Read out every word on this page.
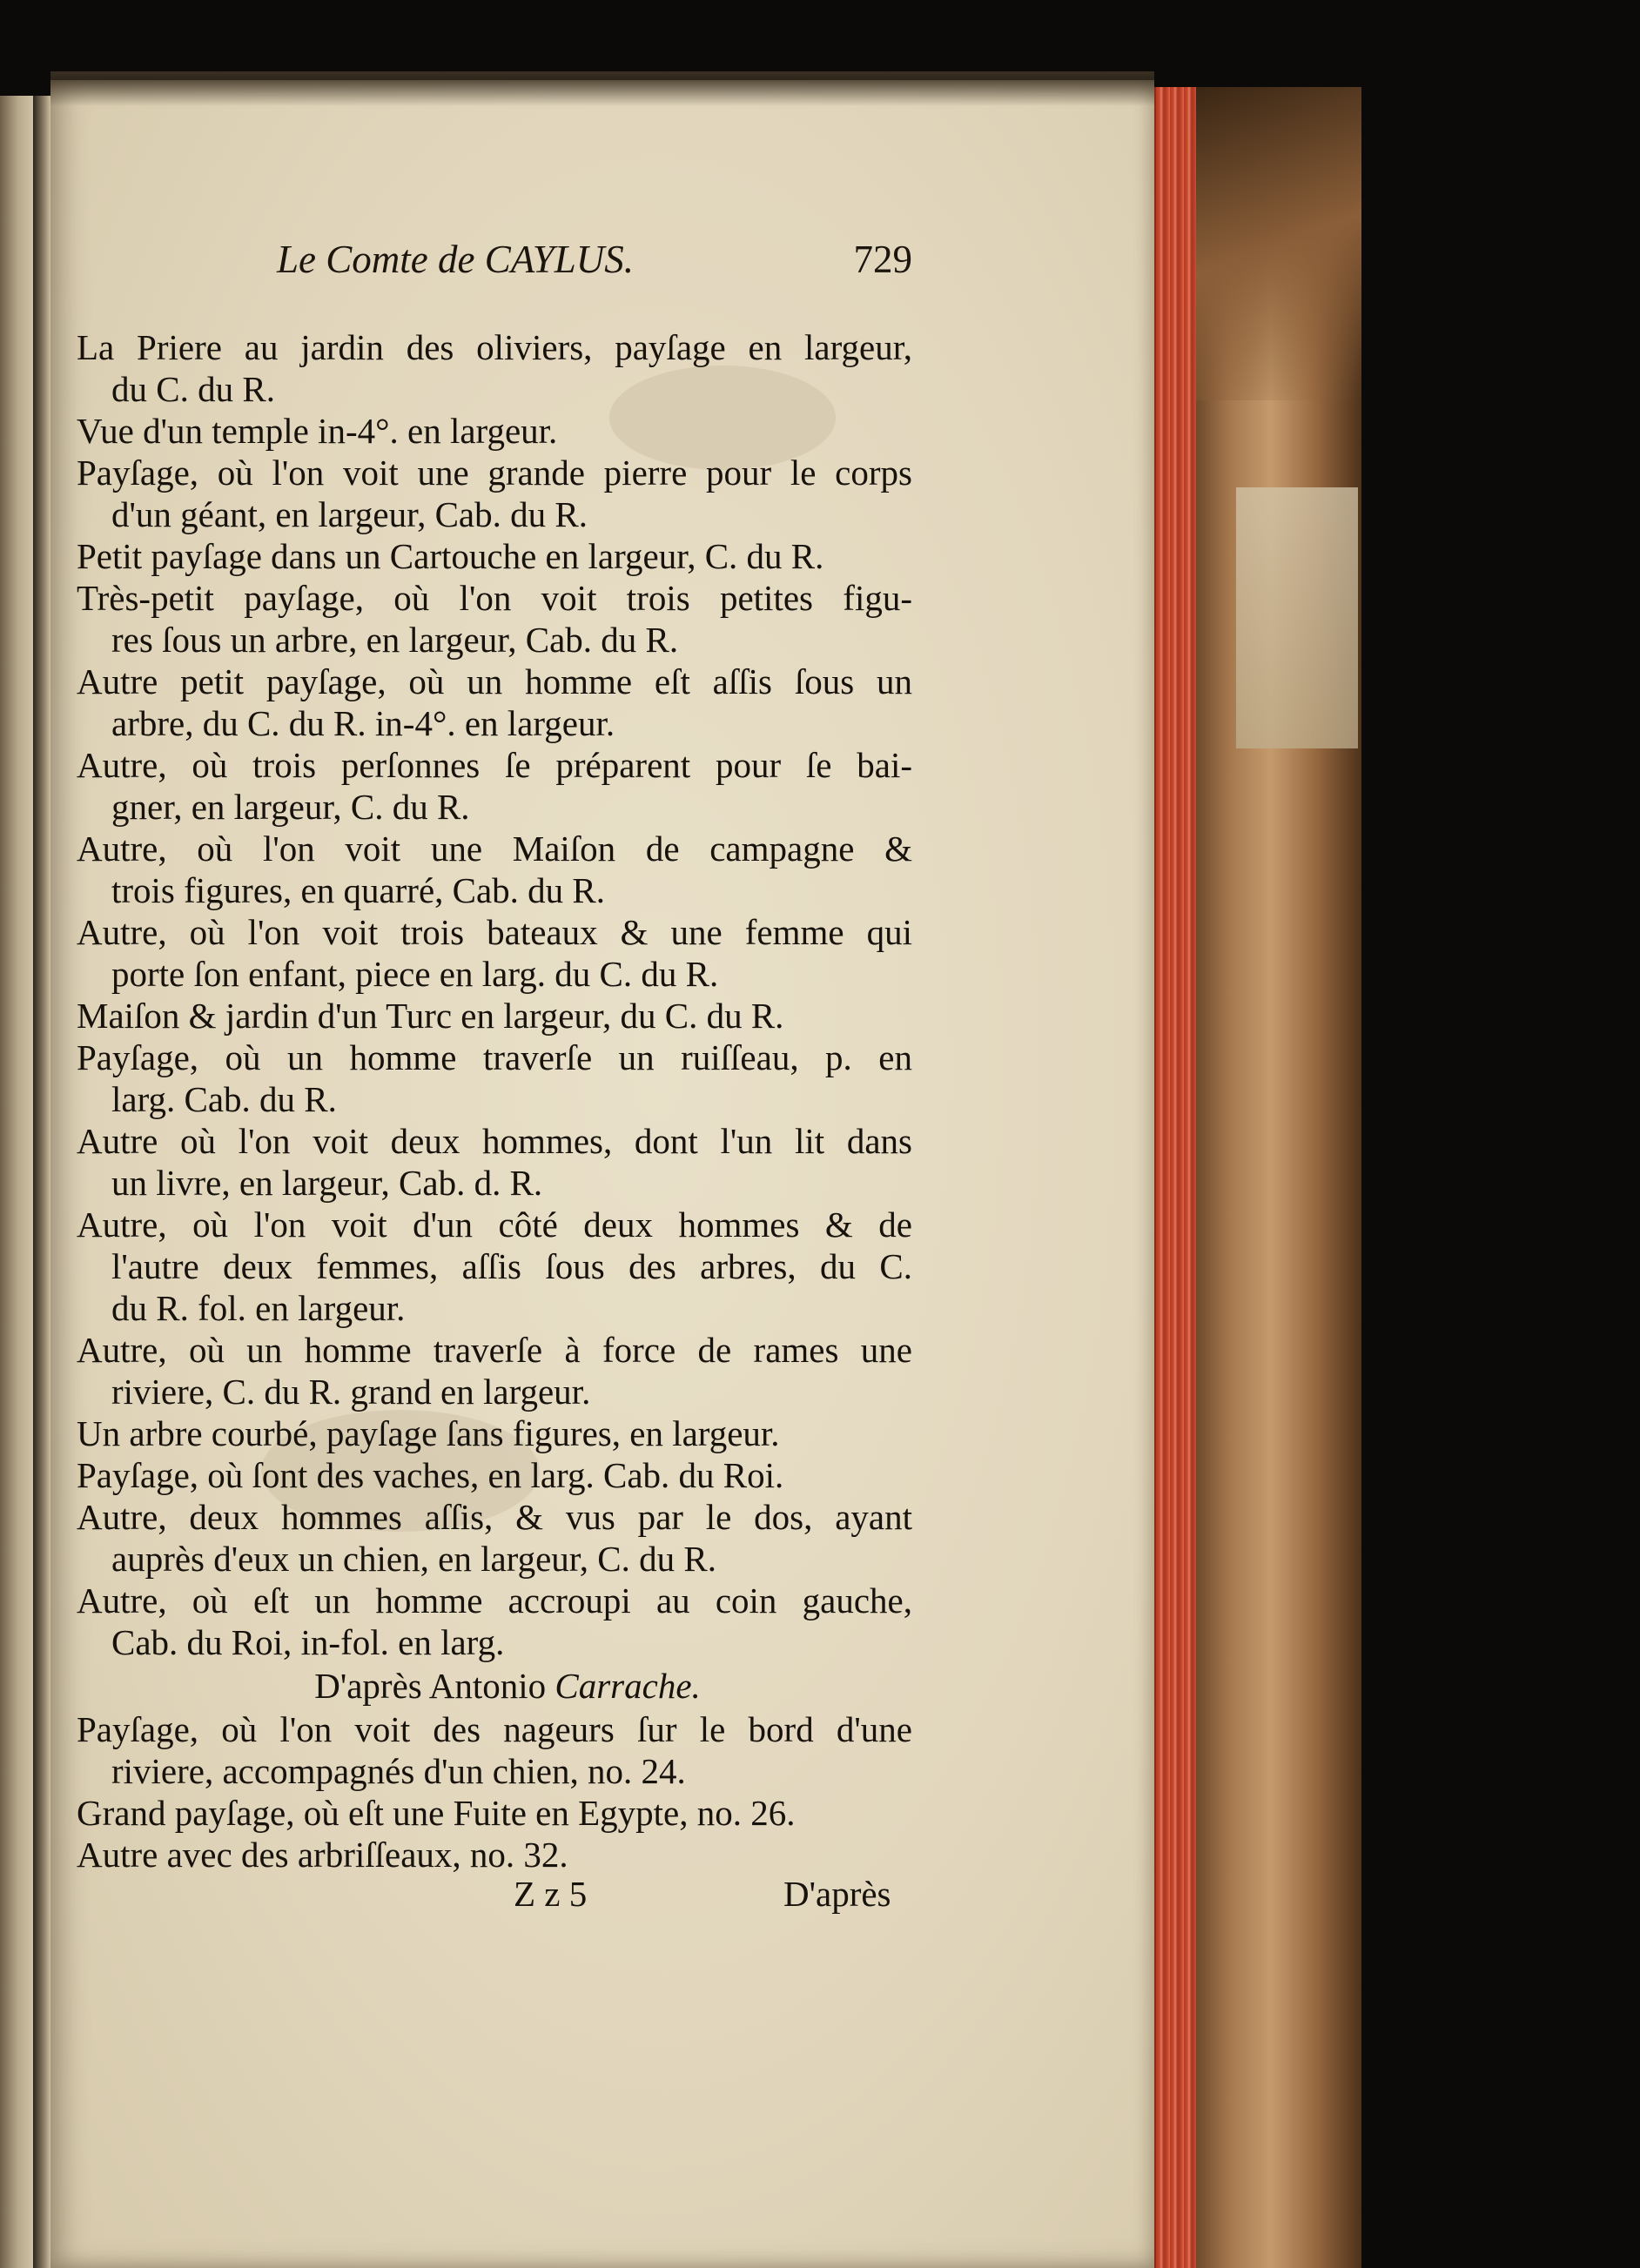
Le Comte de CAYLUS.	729
La Priere au jardin des oliviers, payſage en largeur,
du C. du R.
Vue d'un temple in-4°. en largeur.
Payſage, où l'on voit une grande pierre pour le corps
d'un géant, en largeur, Cab. du R.
Petit payſage dans un Cartouche en largeur, C. du R.
Très-petit payſage, où l'on voit trois petites figu-
res ſous un arbre, en largeur, Cab. du R.
Autre petit payſage, où un homme eſt aſſis ſous un
arbre, du C. du R. in-4°. en largeur.
Autre, où trois perſonnes ſe préparent pour ſe bai-
gner, en largeur, C. du R.
Autre, où l'on voit une Maiſon de campagne &
trois figures, en quarré, Cab. du R.
Autre, où l'on voit trois bateaux & une femme qui
porte ſon enfant, piece en larg. du C. du R.
Maiſon & jardin d'un Turc en largeur, du C. du R.
Payſage, où un homme traverſe un ruiſſeau, p. en
larg. Cab. du R.
Autre où l'on voit deux hommes, dont l'un lit dans
un livre, en largeur, Cab. d. R.
Autre, où l'on voit d'un côté deux hommes & de
l'autre deux femmes, aſſis ſous des arbres, du C.
du R. fol. en largeur.
Autre, où un homme traverſe à force de rames une
riviere, C. du R. grand en largeur.
Un arbre courbé, payſage ſans figures, en largeur.
Payſage, où ſont des vaches, en larg. Cab. du Roi.
Autre, deux hommes aſſis, & vus par le dos, ayant
auprès d'eux un chien, en largeur, C. du R.
Autre, où eſt un homme accroupi au coin gauche,
Cab. du Roi, in-fol. en larg.
D'après Antonio Carrache.
Payſage, où l'on voit des nageurs ſur le bord d'une
riviere, accompagnés d'un chien, no. 24.
Grand payſage, où eſt une Fuite en Egypte, no. 26.
Autre avec des arbriſſeaux, no. 32.
Z z 5	D'après
